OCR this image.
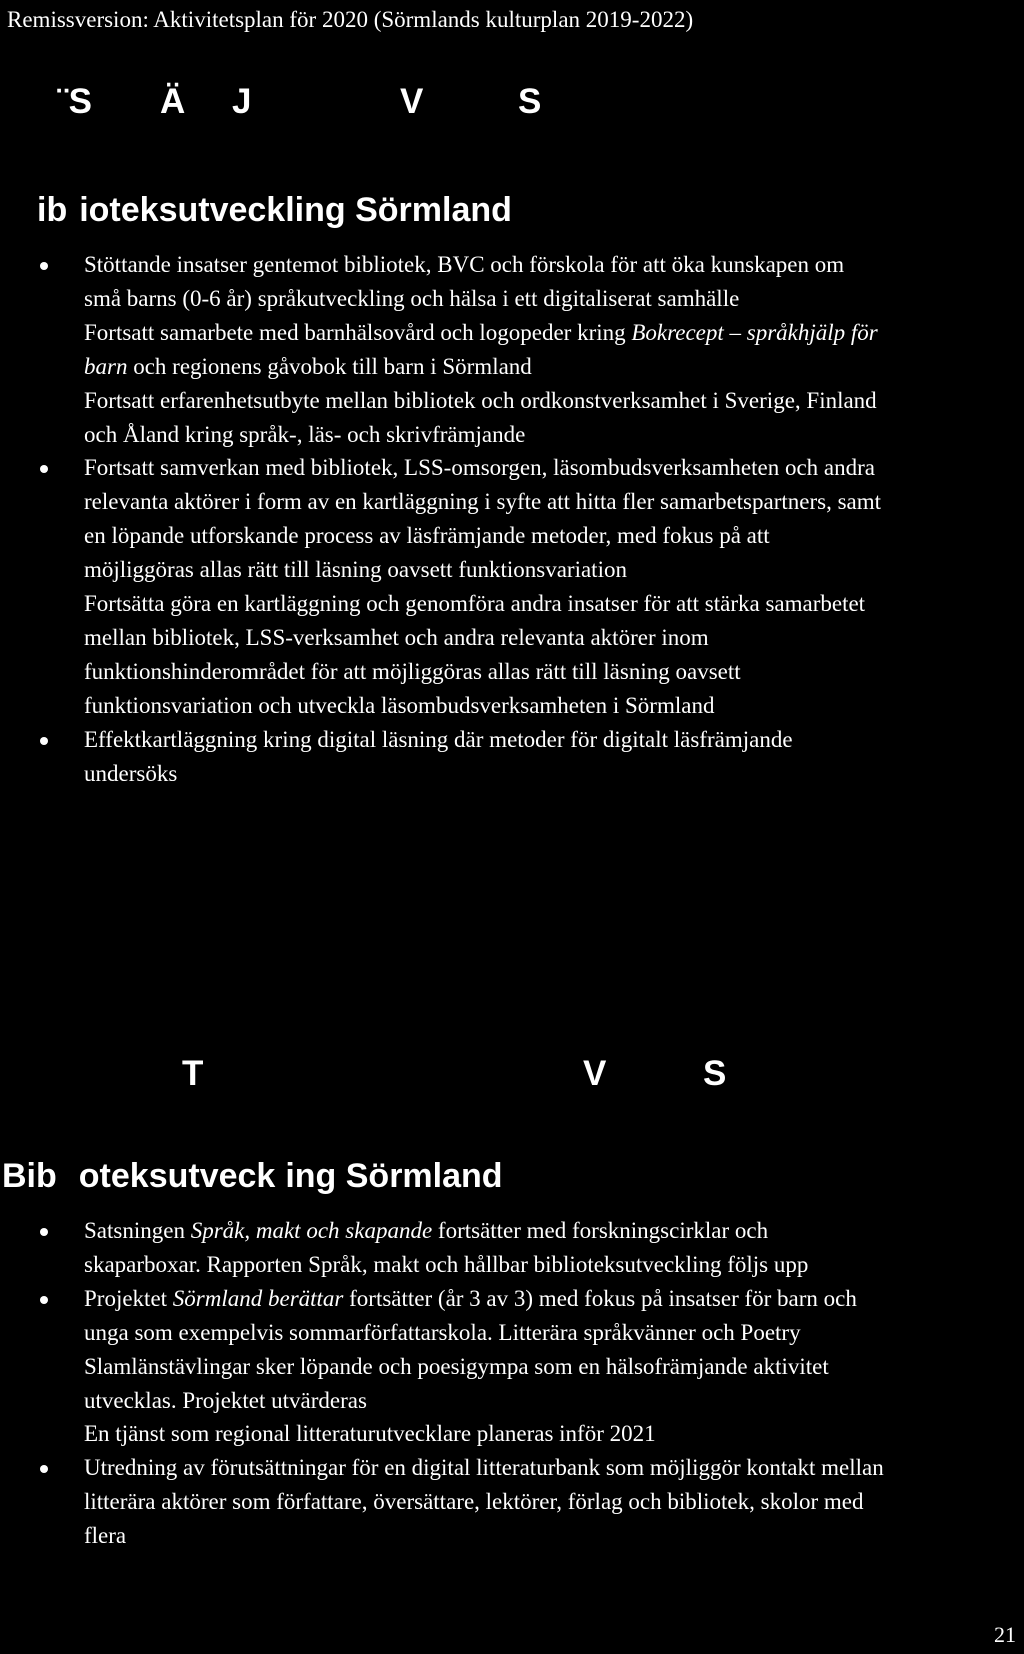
Remissversion: Aktivitetsplan för 2020 (Sörmlands kulturplan 2019-2022)
¨S Ä J	V	S
ib ioteksutveckling Sörmland
Stöttande insatser gentemot bibliotek, BVC och förskola för att öka kunskapen om
små barns (0-6 år) språkutveckling och hälsa i ett digitaliserat samhälle
Fortsatt samarbete med barnhälsovård och logopeder kring Bokrecept – språkhjälp för
barn och regionens gåvobok till barn i Sörmland
Fortsatt erfarenhetsutbyte mellan bibliotek och ordkonstverksamhet i Sverige, Finland
och Åland kring språk-, läs- och skrivfrämjande
Fortsatt samverkan med bibliotek, LSS-omsorgen, läsombudsverksamheten och andra
relevanta aktörer i form av en kartläggning i syfte att hitta fler samarbetspartners, samt
en löpande utforskande process av läsfrämjande metoder, med fokus på att
möjliggöras allas rätt till läsning oavsett funktionsvariation
Fortsätta göra en kartläggning och genomföra andra insatser för att stärka samarbetet
mellan bibliotek, LSS-verksamhet och andra relevanta aktörer inom
funktionshinderområdet för att möjliggöras allas rätt till läsning oavsett
funktionsvariation och utveckla läsombudsverksamheten i Sörmland
Effektkartläggning kring digital läsning där metoder för digitalt läsfrämjande
undersöks
T	V	S
Bib oteksutveck ing Sörmland
Satsningen Språk, makt och skapande fortsätter med forskningscirklar och
skaparboxar. Rapporten Språk, makt och hållbar biblioteksutveckling följs upp
Projektet Sörmland berättar fortsätter (år 3 av 3) med fokus på insatser för barn och
unga som exempelvis sommarförfattarskola. Litterära språkvänner och Poetry
Slamlänstävlingar sker löpande och poesigympa som en hälsofrämjande aktivitet
utvecklas. Projektet utvärderas
En tjänst som regional litteraturutvecklare planeras inför 2021
Utredning av förutsättningar för en digital litteraturbank som möjliggör kontakt mellan
litterära aktörer som författare, översättare, lektörer, förlag och bibliotek, skolor med
flera
21
